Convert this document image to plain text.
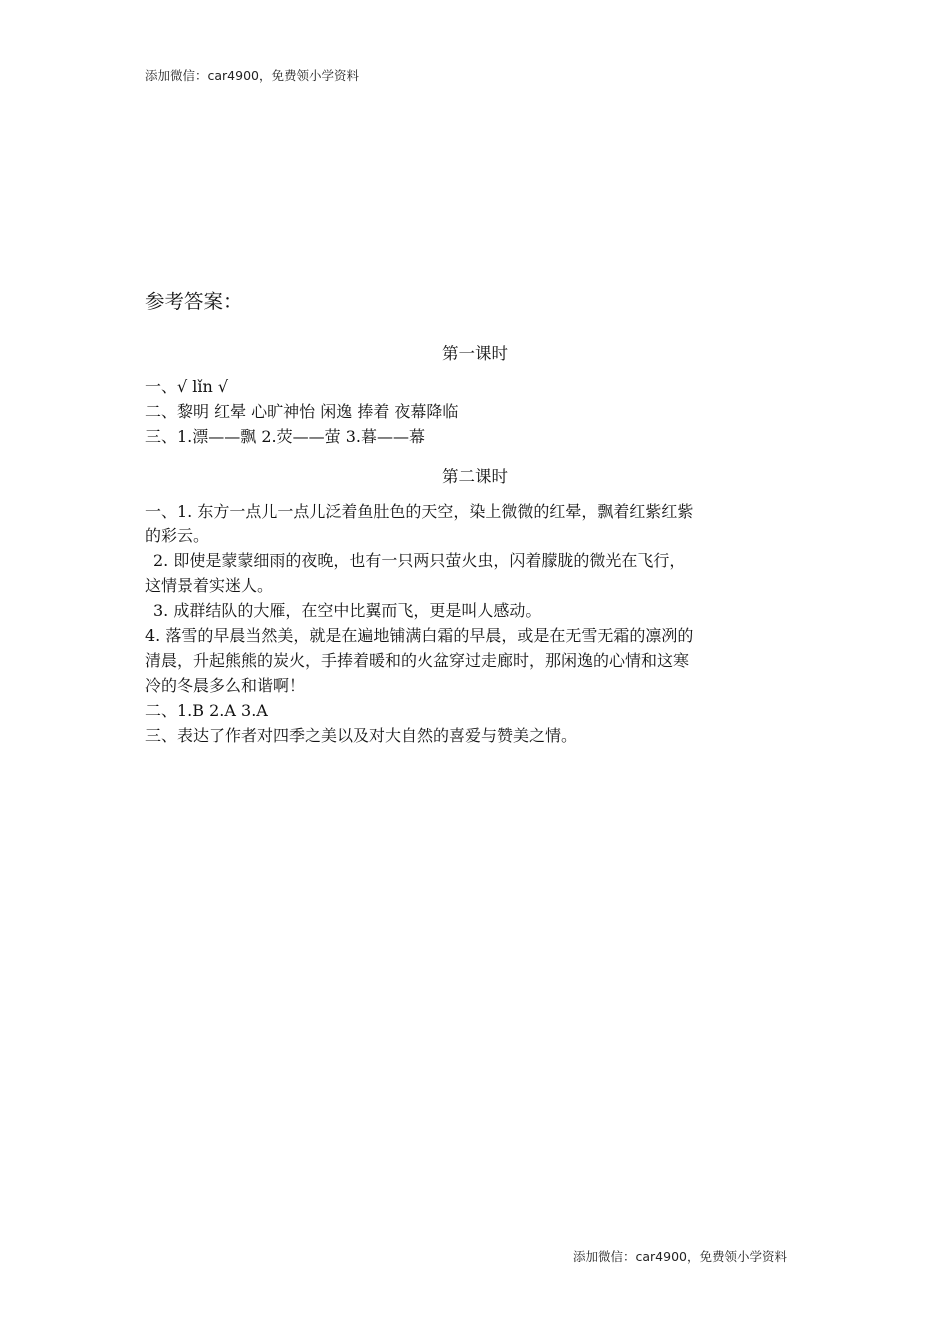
添加微信：car4900，免费领小学资料
参考答案：
第一课时
一、√ lǐn √
二、黎明 红晕 心旷神怡 闲逸 捧着 夜幕降临
三、1.漂——飘 2.荧——萤 3.暮——幕
第二课时
一、1. 东方一点儿一点儿泛着鱼肚色的天空，染上微微的红晕，飘着红紫红紫
的彩云。
2. 即使是蒙蒙细雨的夜晚，也有一只两只萤火虫，闪着朦胧的微光在飞行，
这情景着实迷人。
3. 成群结队的大雁，在空中比翼而飞，更是叫人感动。
4. 落雪的早晨当然美，就是在遍地铺满白霜的早晨，或是在无雪无霜的凛冽的
清晨，升起熊熊的炭火，手捧着暖和的火盆穿过走廊时，那闲逸的心情和这寒
冷的冬晨多么和谐啊！
二、1.B 2.A 3.A
三、表达了作者对四季之美以及对大自然的喜爱与赞美之情。
添加微信：car4900，免费领小学资料
